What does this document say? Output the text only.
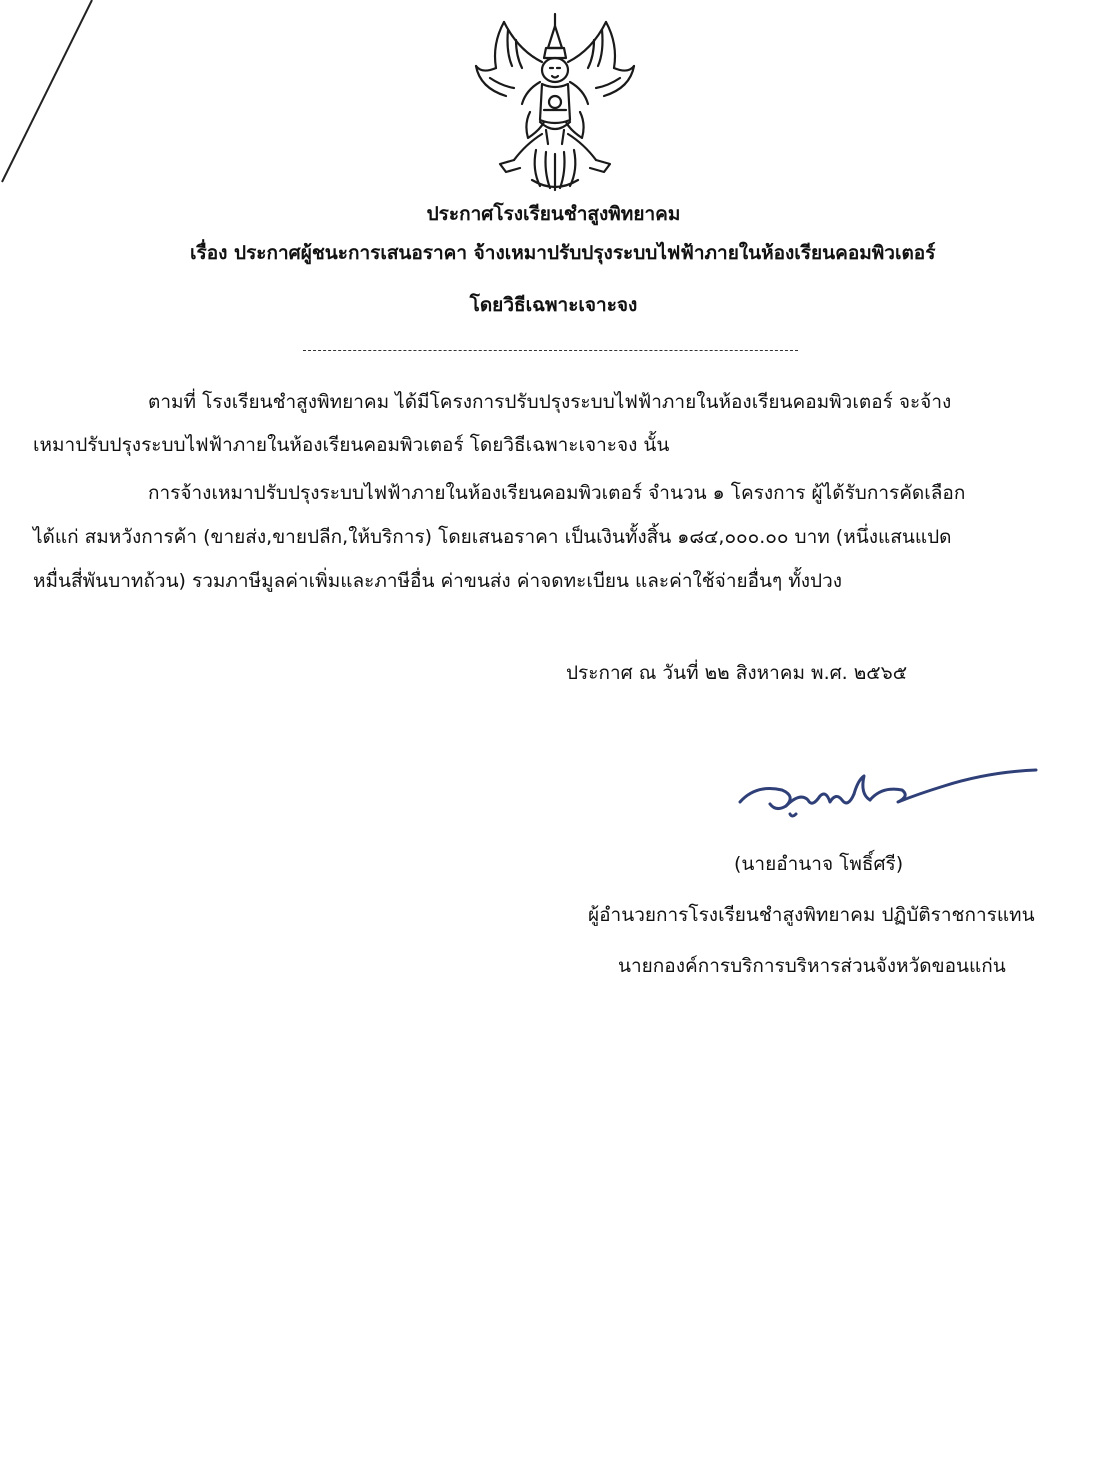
ประกาศโรงเรียนชำสูงพิทยาคม
เรื่อง ประกาศผู้ชนะการเสนอราคา จ้างเหมาปรับปรุงระบบไฟฟ้าภายในห้องเรียนคอมพิวเตอร์
โดยวิธีเฉพาะเจาะจง
ตามที่ โรงเรียนชำสูงพิทยาคม ได้มีโครงการปรับปรุงระบบไฟฟ้าภายในห้องเรียนคอมพิวเตอร์ จะจ้าง
เหมาปรับปรุงระบบไฟฟ้าภายในห้องเรียนคอมพิวเตอร์ โดยวิธีเฉพาะเจาะจง นั้น
การจ้างเหมาปรับปรุงระบบไฟฟ้าภายในห้องเรียนคอมพิวเตอร์ จำนวน ๑ โครงการ ผู้ได้รับการคัดเลือก
ได้แก่ สมหวังการค้า (ขายส่ง,ขายปลีก,ให้บริการ) โดยเสนอราคา เป็นเงินทั้งสิ้น ๑๘๔,๐๐๐.๐๐ บาท (หนึ่งแสนแปด
หมื่นสี่พันบาทถ้วน) รวมภาษีมูลค่าเพิ่มและภาษีอื่น ค่าขนส่ง ค่าจดทะเบียน และค่าใช้จ่ายอื่นๆ ทั้งปวง
ประกาศ ณ วันที่ ๒๒ สิงหาคม พ.ศ. ๒๕๖๕
(นายอำนาจ โพธิ์ศรี)
ผู้อำนวยการโรงเรียนชำสูงพิทยาคม ปฏิบัติราชการแทน
นายกองค์การบริการบริหารส่วนจังหวัดขอนแก่น
